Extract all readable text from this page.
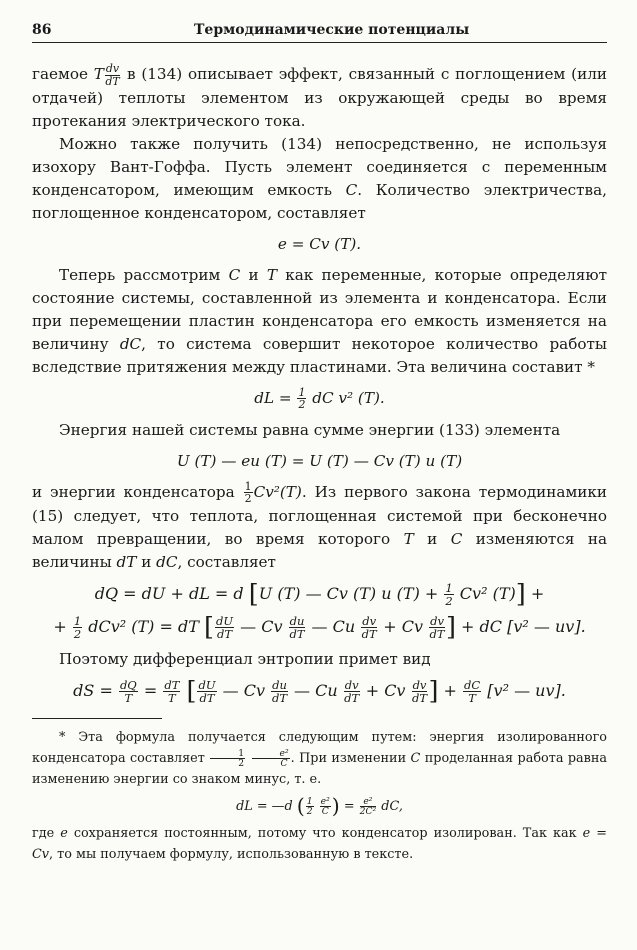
86	Термодинамические потенциалы

гаемое T $\frac{dv}{dT}$ в (134) описывает эффект, связанный с поглощением (или отдачей) теплоты элементом из окружающей среды во время протекания электрического тока.

Можно также получить (134) непосредственно, не используя изохору Вант-Гоффа. Пусть элемент соединяется с переменным конденсатором, имеющим емкость C. Количество электричества, поглощенное конденсатором, составляет

e = Cv (T).

Теперь рассмотрим C и T как переменные, которые определяют состояние системы, составленной из элемента и конденсатора. Если при перемещении пластин конденсатора его емкость изменяется на величину dC, то система совершит некоторое количество работы вследствие притяжения между пластинами. Эта величина составит *

dL = $\frac{1}{2}$ dC v² (T).

Энергия нашей системы равна сумме энергии (133) элемента

U (T) — eu (T) = U (T) — Cv (T) u (T)

и энергии конденсатора $\frac{1}{2} Cv^2(T)$. Из первого закона термодинамики (15) следует, что теплота, поглощенная системой при бесконечно малом превращении, во время которого T и C изменяются на величины dT и dC, составляет

dQ = dU + dL = d [U (T) — Cv (T) u $(T) + \frac{1}{2} Cv^2$ (T)] +
+ $\frac{1}{2} dCv^2$ (T) = dT [ $\frac{dU}{dT}$ — Cv $\frac{du}{dT}$ — Cu $\frac{dv}{dT} + Cv \frac{dv}{dT}$ ] + dC [v² — uv].

Поэтому дифференциал энтропии примет вид

dS = $\frac{dQ}{T} = \frac{dT}{T}$ [ $\frac{dU}{dT}$ — Cv $\frac{du}{dT}$ — Cu $\frac{dv}{dT} + Cv \frac{dv}{dT}$ ] + $\frac{dC}{T} [v^2$ — uv].

* Эта формула получается следующим путем: энергия изолированного конденсатора составляет $\frac{1}{2}$
$\frac{\text{e²}}{C}$ . При изменении C проделанная работа равна изменению энергии со знаком минус, т. е.

dL = —d ( $\frac{1}{2}$
$\frac{\text{e²}}{C}$ ) = $\frac{\text{e²}}{\text{2C²}}$ dC,

где e сохраняется постоянным, потому что конденсатор изолирован. Так как e = Cv, то мы получаем формулу, использованную в тексте.
